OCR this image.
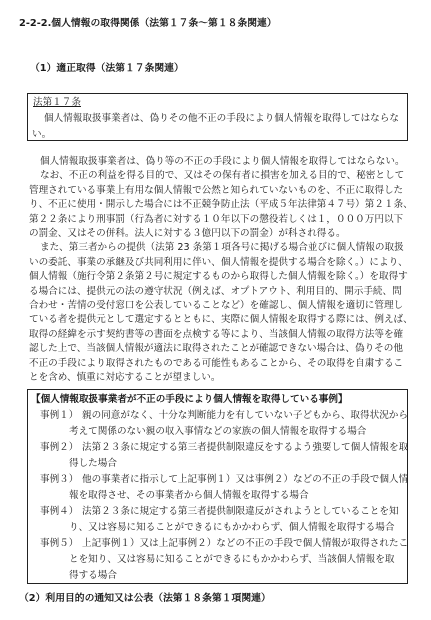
2-2-2.個人情報の取得関係（法第１７条～第１８条関連）

（1）適正取得（法第１７条関連）

法第１７条

個人情報取扱事業者は、偽りその他不正の手段により個人情報を取得してはならな

い。

個人情報取扱事業者は、偽り等の不正の手段により個人情報を取得してはならない。
なお、不正の利益を得る目的で、又はその保有者に損害を加える目的で、秘密として
管理されている事業上有用な個人情報で公然と知られていないものを、不正に取得した
り、不正に使用・開示した場合には不正競争防止法（平成５年法律第４７号）第２１条、
第２２条により刑事罰（行為者に対する１０年以下の懲役若しくは１，０００万円以下
の罰金、又はその併科。法人に対する３億円以下の罰金）が科され得る。
また、第三者からの提供（法第 23 条第１項各号に掲げる場合並びに個人情報の取扱
いの委託、事業の承継及び共同利用に伴い、個人情報を提供する場合を除く。）により、
個人情報（施行令第２条第２号に規定するものから取得した個人情報を除く。）を取得す
る場合には、提供元の法の遵守状況（例えば、オプトアウト、利用目的、開示手続、問
合わせ・苦情の受付窓口を公表していることなど）を確認し、個人情報を適切に管理し
ている者を提供元として選定するとともに、実際に個人情報を取得する際には、例えば、
取得の経緯を示す契約書等の書面を点検する等により、当該個人情報の取得方法等を確
認した上で、当該個人情報が適法に取得されたことが確認できない場合は、偽りその他
不正の手段により取得されたものである可能性もあることから、その取得を自粛するこ
とを含め、慎重に対応することが望ましい。

【個人情報取扱事業者が不正の手段により個人情報を取得している事例】

事例１） 親の同意がなく、十分な判断能力を有していない子どもから、取得状況から
考えて関係のない親の収入事情などの家族の個人情報を取得する場合
事例２） 法第２３条に規定する第三者提供制限違反をするよう強要して個人情報を取
得した場合
事例３） 他の事業者に指示して上記事例１）又は事例２）などの不正の手段で個人情
報を取得させ、その事業者から個人情報を取得する場合
事例４） 法第２３条に規定する第三者提供制限違反がされようとしていることを知
り、又は容易に知ることができるにもかかわらず、個人情報を取得する場合
事例５） 上記事例１）又は上記事例２）などの不正の手段で個人情報が取得されたこ
とを知り、又は容易に知ることができるにもかかわらず、当該個人情報を取
得する場合

（2）利用目的の通知又は公表（法第１８条第１項関連）
